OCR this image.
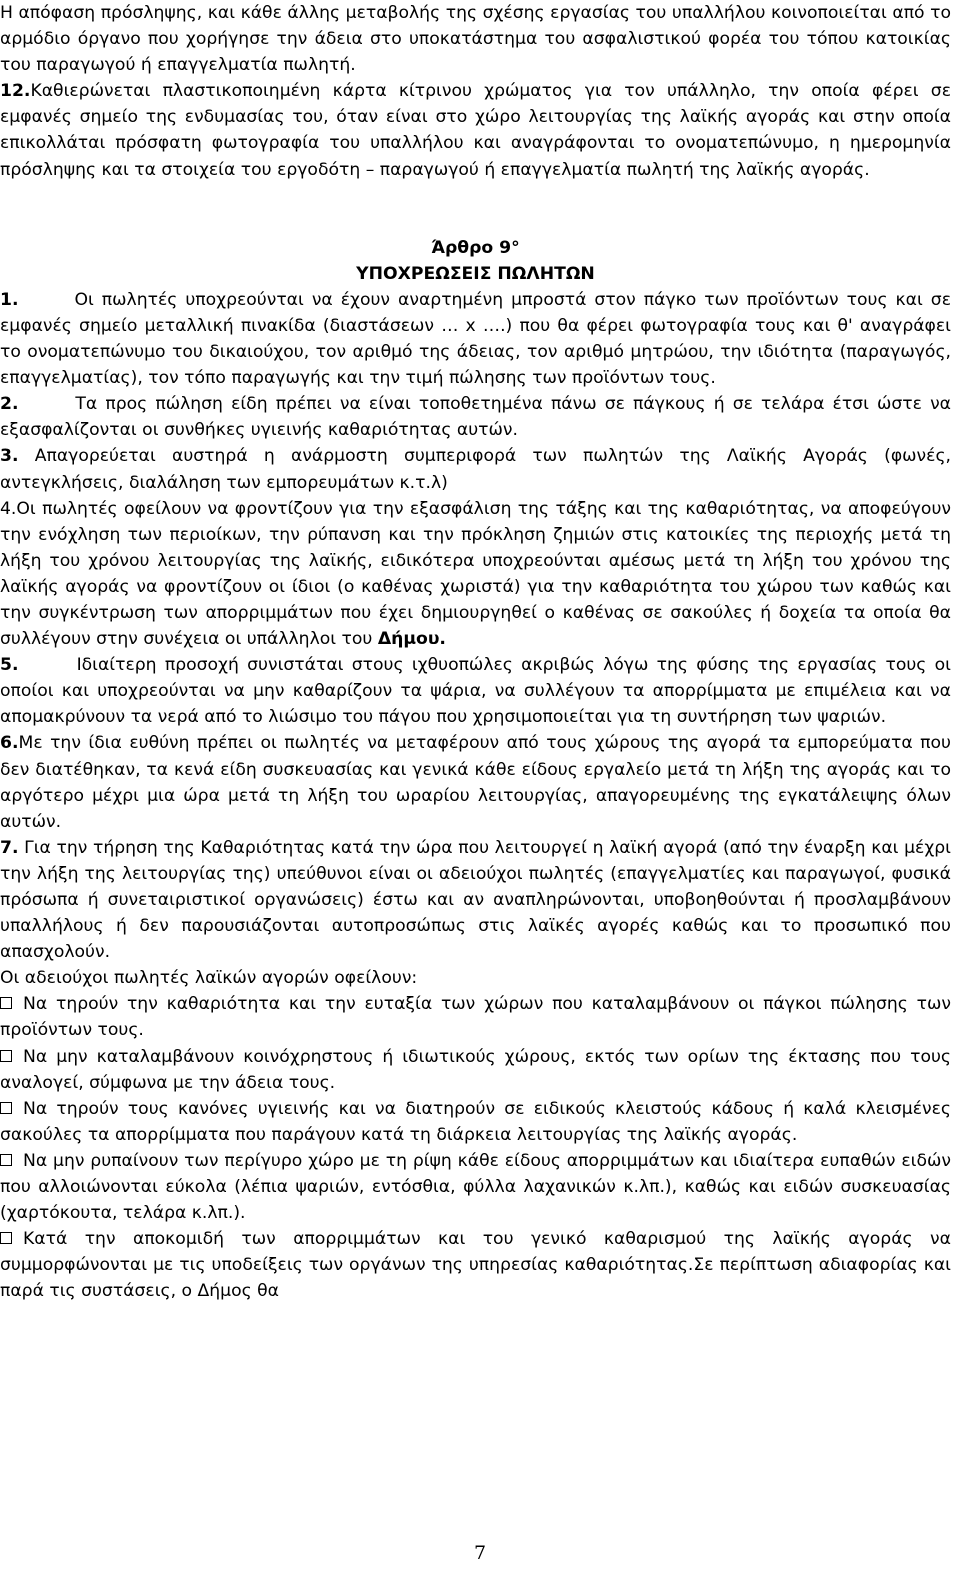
Η απόφαση πρόσληψης, και κάθε άλλης μεταβολής της σχέσης εργασίας του υπαλλήλου κοινοποιείται από το αρμόδιο όργανο που χορήγησε την άδεια στο υποκατάστημα του ασφαλιστικού φορέα του τόπου κατοικίας του παραγωγού ή επαγγελματία πωλητή.

12.Καθιερώνεται πλαστικοποιημένη κάρτα κίτρινου χρώματος για τον υπάλληλο, την οποία φέρει σε εμφανές σημείο της ενδυμασίας του, όταν είναι στο χώρο λειτουργίας της λαϊκής αγοράς και στην οποία επικολλάται πρόσφατη φωτογραφία του υπαλλήλου και αναγράφονται το ονοματεπώνυμο, η ημερομηνία πρόσληψης και τα στοιχεία του εργοδότη – παραγωγού ή επαγγελματία πωλητή της λαϊκής αγοράς.

Άρθρο 9°

ΥΠΟΧΡΕΩΣΕΙΣ ΠΩΛΗΤΩΝ

1.	Οι πωλητές υποχρεούνται να έχουν αναρτημένη μπροστά στον πάγκο των προϊόντων τους και σε εμφανές σημείο μεταλλική πινακίδα (διαστάσεων … x ….) που θα φέρει φωτογραφία τους και θ' αναγράφει το ονοματεπώνυμο του δικαιούχου, τον αριθμό της άδειας, τον αριθμό μητρώου, την ιδιότητα (παραγωγός, επαγγελματίας), τον τόπο παραγωγής και την τιμή πώλησης των προϊόντων τους.

2.	Τα προς πώληση είδη πρέπει να είναι τοποθετημένα πάνω σε πάγκους ή σε τελάρα έτσι ώστε να εξασφαλίζονται οι συνθήκες υγιεινής καθαριότητας αυτών.

3. Απαγορεύεται αυστηρά η ανάρμοστη συμπεριφορά των πωλητών της Λαϊκής Αγοράς (φωνές, αντεγκλήσεις, διαλάληση των εμπορευμάτων κ.τ.λ)

4.Οι πωλητές οφείλουν να φροντίζουν για την εξασφάλιση της τάξης και της καθαριότητας, να αποφεύγουν την ενόχληση των περιοίκων, την ρύπανση και την πρόκληση ζημιών στις κατοικίες της περιοχής μετά τη λήξη του χρόνου λειτουργίας της λαϊκής, ειδικότερα υποχρεούνται αμέσως μετά τη λήξη του χρόνου της λαϊκής αγοράς να φροντίζουν οι ίδιοι (ο καθένας χωριστά) για την καθαριότητα του χώρου των καθώς και την συγκέντρωση των απορριμμάτων που έχει δημιουργηθεί ο καθένας σε σακούλες ή δοχεία τα οποία θα συλλέγουν στην συνέχεια οι υπάλληλοι του Δήμου.

5.	Ιδιαίτερη προσοχή συνιστάται στους ιχθυοπώλες ακριβώς λόγω της φύσης της εργασίας τους οι οποίοι και υποχρεούνται να μην καθαρίζουν τα ψάρια, να συλλέγουν τα απορρίμματα με επιμέλεια και να απομακρύνουν τα νερά από το λιώσιμο του πάγου που χρησιμοποιείται για τη συντήρηση των ψαριών.

6.Με την ίδια ευθύνη πρέπει οι πωλητές να μεταφέρουν από τους χώρους της αγορά τα εμπορεύματα που δεν διατέθηκαν, τα κενά είδη συσκευασίας και γενικά κάθε είδους εργαλείο μετά τη λήξη της αγοράς και το αργότερο μέχρι μια ώρα μετά τη λήξη του ωραρίου λειτουργίας, απαγορευμένης της εγκατάλειψης όλων αυτών.

7. Για την τήρηση της Καθαριότητας κατά την ώρα που λειτουργεί η λαϊκή αγορά (από την έναρξη και μέχρι την λήξη της λειτουργίας της) υπεύθυνοι είναι οι αδειούχοι πωλητές (επαγγελματίες και παραγωγοί, φυσικά πρόσωπα ή συνεταιριστικοί οργανώσεις) έστω και αν αναπληρώνονται, υποβοηθούνται ή προσλαμβάνουν υπαλλήλους ή δεν παρουσιάζονται αυτοπροσώπως στις λαϊκές αγορές καθώς και το προσωπικό που απασχολούν.

Οι αδειούχοι πωλητές λαϊκών αγορών οφείλουν:

Να τηρούν την καθαριότητα και την ευταξία των χώρων που καταλαμβάνουν οι πάγκοι πώλησης των προϊόντων τους.

Να μην καταλαμβάνουν κοινόχρηστους ή ιδιωτικούς χώρους, εκτός των ορίων της έκτασης που τους αναλογεί, σύμφωνα με την άδεια τους.

Να τηρούν τους κανόνες υγιεινής και να διατηρούν σε ειδικούς κλειστούς κάδους ή καλά κλεισμένες σακούλες τα απορρίμματα που παράγουν κατά τη διάρκεια λειτουργίας της λαϊκής αγοράς.

Να μην ρυπαίνουν των περίγυρο χώρο με τη ρίψη κάθε είδους απορριμμάτων και ιδιαίτερα ευπαθών ειδών που αλλοιώνονται εύκολα (λέπια ψαριών, εντόσθια, φύλλα λαχανικών κ.λπ.), καθώς και ειδών συσκευασίας (χαρτόκουτα, τελάρα κ.λπ.).

Κατά την αποκομιδή των απορριμμάτων και του γενικό καθαρισμού της λαϊκής αγοράς να συμμορφώνονται με τις υποδείξεις των οργάνων της υπηρεσίας καθαριότητας.Σε περίπτωση αδιαφορίας και παρά τις συστάσεις, ο Δήμος θα

7
